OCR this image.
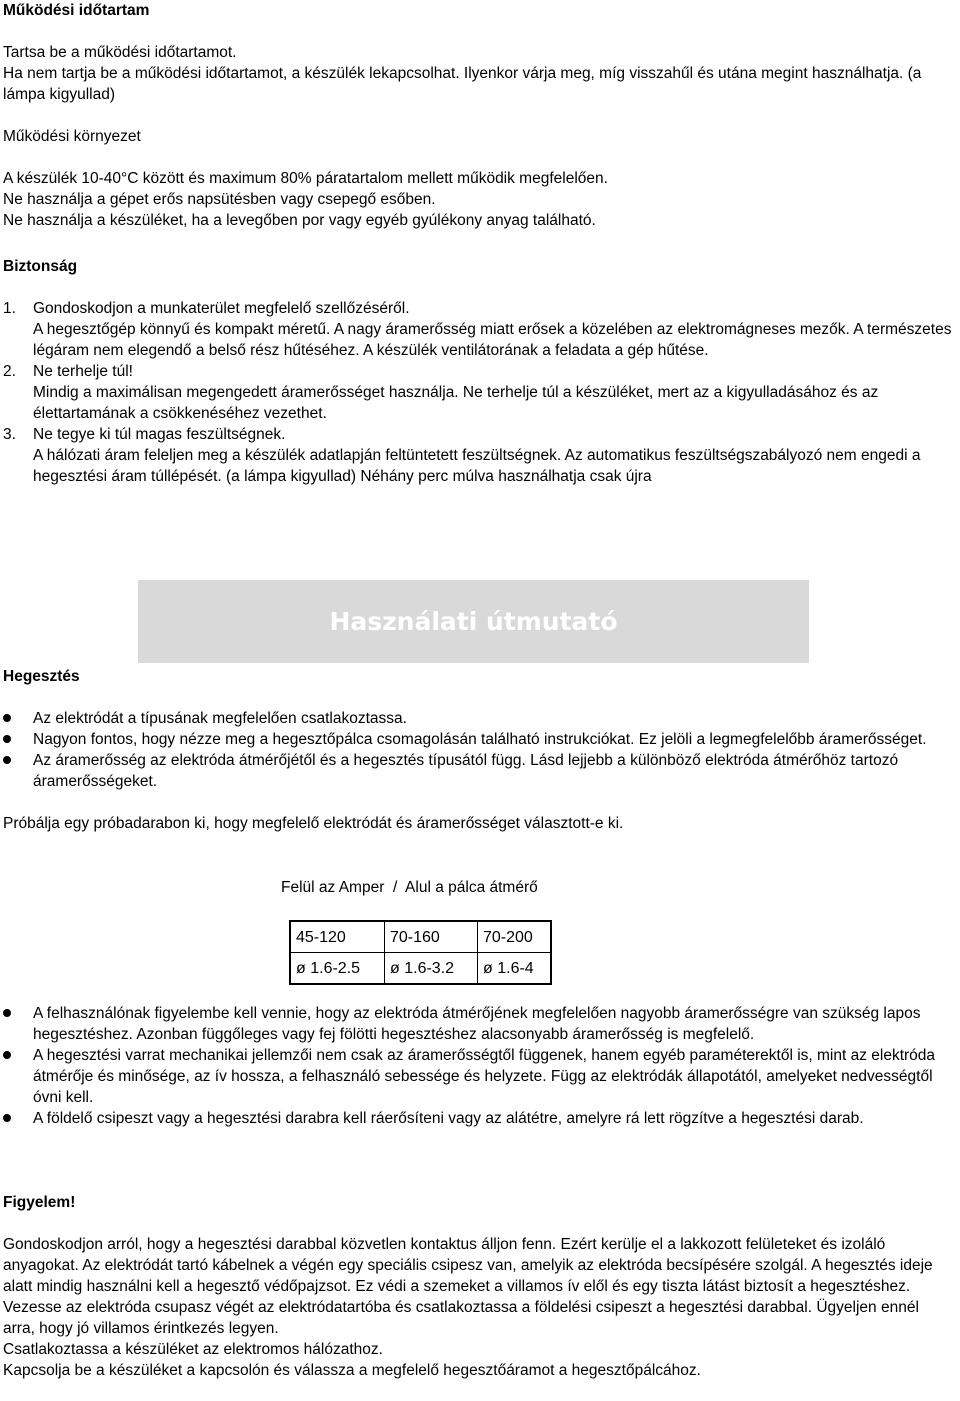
Működési időtartam

Tartsa be a működési időtartamot.

Ha nem tartja be a működési időtartamot, a készülék lekapcsolhat. Ilyenkor várja meg, míg visszahűl és utána megint használhatja. (a lámpa kigyullad)

Működési környezet

A készülék 10-40°C között és maximum 80% páratartalom mellett működik megfelelően.

Ne használja a gépet erős napsütésben vagy csepegő esőben.

Ne használja a készüléket, ha a levegőben por vagy egyéb gyúlékony anyag található.

Biztonság

1.	Gondoskodjon a munkaterület megfelelő szellőzéséről.

A hegesztőgép könnyű és kompakt méretű. A nagy áramerősség miatt erősek a közelében az elektromágneses mezők. A természetes légáram nem elegendő a belső rész hűtéséhez. A készülék ventilátorának a feladata a gép hűtése.

2.	Ne terhelje túl!

Mindig a maximálisan megengedett áramerősséget használja. Ne terhelje túl a készüléket, mert az a kigyulladásához és az élettartamának a csökkenéséhez vezethet.

3.	Ne tegye ki túl magas feszültségnek.

A hálózati áram feleljen meg a készülék adatlapján feltüntetett feszültségnek. Az automatikus feszültségszabályozó nem engedi a hegesztési áram túllépését. (a lámpa kigyullad) Néhány perc múlva használhatja csak újra

Használati útmutató

Hegesztés

Az elektródát a típusának megfelelően csatlakoztassa.
Nagyon fontos, hogy nézze meg a hegesztőpálca csomagolásán található instrukciókat. Ez jelöli a legmegfelelőbb áramerősséget.
Az áramerősség az elektróda átmérőjétől és a hegesztés típusától függ. Lásd lejjebb a különböző elektróda átmérőhöz tartozó áramerősségeket.

Próbálja egy próbadarabon ki, hogy megfelelő elektródát és áramerősséget választott-e ki.

Felül az Amper  /  Alul a pálca átmérő
45-120	70-160	70-200
ø 1.6-2.5	ø 1.6-3.2	ø 1.6-4
A felhasználónak figyelembe kell vennie, hogy az elektróda átmérőjének megfelelően nagyobb áramerősségre van szükség lapos hegesztéshez. Azonban függőleges vagy fej fölötti hegesztéshez alacsonyabb áramerősség is megfelelő.
A hegesztési varrat mechanikai jellemzői nem csak az áramerősségtől függenek, hanem egyéb paraméterektől is, mint az elektróda átmérője és minősége, az ív hossza, a felhasználó sebessége és helyzete. Függ az elektródák állapotától, amelyeket nedvességtől óvni kell.
A földelő csipeszt vagy a hegesztési darabra kell ráerősíteni vagy az alátétre, amelyre rá lett rögzítve a hegesztési darab.

Figyelem!

Gondoskodjon arról, hogy a hegesztési darabbal közvetlen kontaktus álljon fenn. Ezért kerülje el a lakkozott felületeket és izoláló anyagokat. Az elektródát tartó kábelnek a végén egy speciális csipesz van, amelyik az elektróda becsípésére szolgál. A hegesztés ideje alatt mindig használni kell a hegesztő védőpajzsot. Ez védi a szemeket a villamos ív elől és egy tiszta látást biztosít a hegesztéshez.

Vezesse az elektróda csupasz végét az elektródatartóba és csatlakoztassa a földelési csipeszt a hegesztési darabbal. Ügyeljen ennél arra, hogy jó villamos érintkezés legyen.

Csatlakoztassa a készüléket az elektromos hálózathoz.

Kapcsolja be a készüléket a kapcsolón és válassza a megfelelő hegesztőáramot a hegesztőpálcához.
